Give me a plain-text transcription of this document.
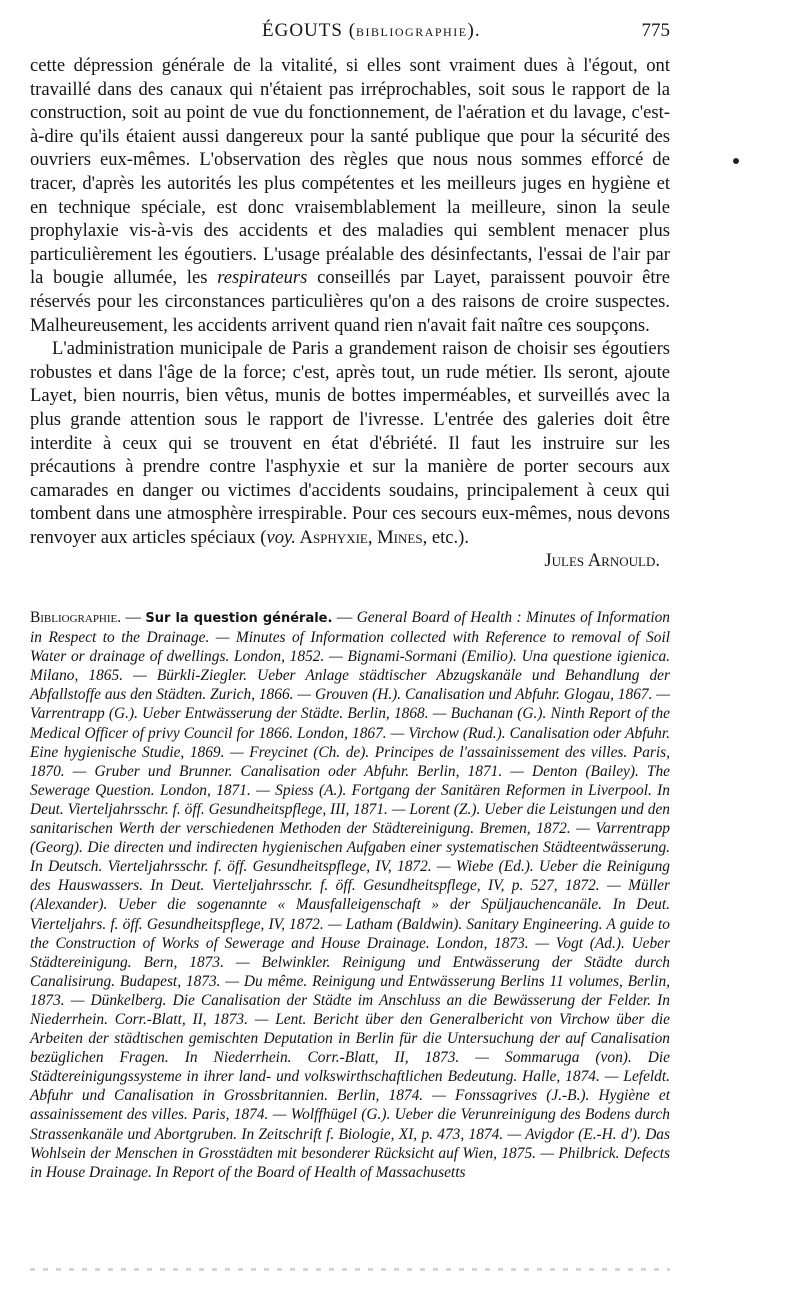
ÉGOUTS (BIBLIOGRAPHIE).	775

cette dépression générale de la vitalité, si elles sont vraiment dues à l'égout, ont travaillé dans des canaux qui n'étaient pas irréprochables, soit sous le rapport de la construction, soit au point de vue du fonctionnement, de l'aération et du lavage, c'est-à-dire qu'ils étaient aussi dangereux pour la santé publique que pour la sécurité des ouvriers eux-mêmes. L'observation des règles que nous nous sommes efforcé de tracer, d'après les autorités les plus compétentes et les meilleurs juges en hygiène et en technique spéciale, est donc vraisemblablement la meilleure, sinon la seule prophylaxie vis-à-vis des accidents et des maladies qui semblent menacer plus particulièrement les égoutiers. L'usage préalable des désinfectants, l'essai de l'air par la bougie allumée, les respirateurs conseillés par Layet, paraissent pouvoir être réservés pour les circonstances particulières qu'on a des raisons de croire suspectes. Malheureusement, les accidents arrivent quand rien n'avait fait naître ces soupçons.

L'administration municipale de Paris a grandement raison de choisir ses égoutiers robustes et dans l'âge de la force; c'est, après tout, un rude métier. Ils seront, ajoute Layet, bien nourris, bien vêtus, munis de bottes imperméables, et surveillés avec la plus grande attention sous le rapport de l'ivresse. L'entrée des galeries doit être interdite à ceux qui se trouvent en état d'ébriété. Il faut les instruire sur les précautions à prendre contre l'asphyxie et sur la manière de porter secours aux camarades en danger ou victimes d'accidents soudains, principalement à ceux qui tombent dans une atmosphère irrespirable. Pour ces secours eux-mêmes, nous devons renvoyer aux articles spéciaux (voy. Asphyxie, Mines, etc.).

Jules Arnould.

Bibliographie. — Sur la question générale. — General Board of Health : Minutes of Information in Respect to the Drainage. — Minutes of Information collected with Reference to removal of Soil Water or drainage of dwellings. London, 1852. — Bignami-Sormani (Emilio). Una questione igienica. Milano, 1865. — Bürkli-Ziegler. Ueber Anlage städtischer Abzugskanäle und Behandlung der Abfallstoffe aus den Städten. Zurich, 1866. — Grouven (H.). Canalisation und Abfuhr. Glogau, 1867. — Varrentrapp (G.). Ueber Entwässerung der Städte. Berlin, 1868. — Buchanan (G.). Ninth Report of the Medical Officer of privy Council for 1866. London, 1867. — Virchow (Rud.). Canalisation oder Abfuhr. Eine hygienische Studie, 1869. — Freycinet (Ch. de). Principes de l'assainissement des villes. Paris, 1870. — Gruber und Brunner. Canalisation oder Abfuhr. Berlin, 1871. — Denton (Bailey). The Sewerage Question. London, 1871. — Spiess (A.). Fortgang der Sanitären Reformen in Liverpool. In Deut. Vierteljahrsschr. f. öff. Gesundheitspflege, III, 1871. — Lorent (Z.). Ueber die Leistungen und den sanitarischen Werth der verschiedenen Methoden der Städtereinigung. Bremen, 1872. — Varrentrapp (Georg). Die directen und indirecten hygienischen Aufgaben einer systematischen Städteentwässerung. In Deutsch. Vierteljahrsschr. f. öff. Gesundheitspflege, IV, 1872. — Wiebe (Ed.). Ueber die Reinigung des Hauswassers. In Deut. Vierteljahrsschr. f. öff. Gesundheitspflege, IV, p. 527, 1872. — Müller (Alexander). Ueber die sogenannte « Mausfalleigenschaft » der Spüljauchencanäle. In Deut. Vierteljahrs. f. öff. Gesundheitspflege, IV, 1872. — Latham (Baldwin). Sanitary Engineering. A guide to the Construction of Works of Sewerage and House Drainage. London, 1873. — Vogt (Ad.). Ueber Städtereinigung. Bern, 1873. — Belwinkler. Reinigung und Entwässerung der Städte durch Canalisirung. Budapest, 1873. — Du même. Reinigung und Entwässerung Berlins 11 volumes, Berlin, 1873. — Dünkelberg. Die Canalisation der Städte im Anschluss an die Bewässerung der Felder. In Niederrhein. Corr.-Blatt, II, 1873. — Lent. Bericht über den Generalbericht von Virchow über die Arbeiten der städtischen gemischten Deputation in Berlin für die Untersuchung der auf Canalisation bezüglichen Fragen. In Niederrhein. Corr.-Blatt, II, 1873. — Sommaruga (von). Die Städtereinigungssysteme in ihrer land- und volkswirthschaftlichen Bedeutung. Halle, 1874. — Lefeldt. Abfuhr und Canalisation in Grossbritannien. Berlin, 1874. — Fonssagrives (J.-B.). Hygiène et assainissement des villes. Paris, 1874. — Wolffhügel (G.). Ueber die Verunreinigung des Bodens durch Strassenkanäle und Abortgruben. In Zeitschrift f. Biologie, XI, p. 473, 1874. — Avigdor (E.-H. d'). Das Wohlsein der Menschen in Grosstädten mit besonderer Rücksicht auf Wien, 1875. — Philbrick. Defects in House Drainage. In Report of the Board of Health of Massachusetts
